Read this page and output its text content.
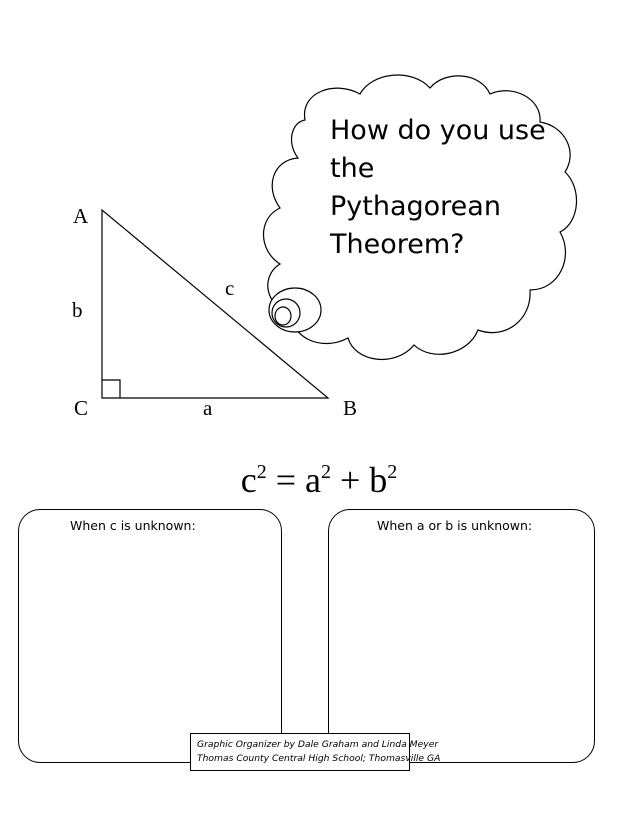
How do you use
the
Pythagorean
Theorem?
A
b
C	a
c
B
$c^2 = a^2 + b^2$
When c is unknown:	When a or b is unknown:
Graphic Organizer by Dale Graham and Linda Meyer
Thomas County Central High School; Thomasville GA
